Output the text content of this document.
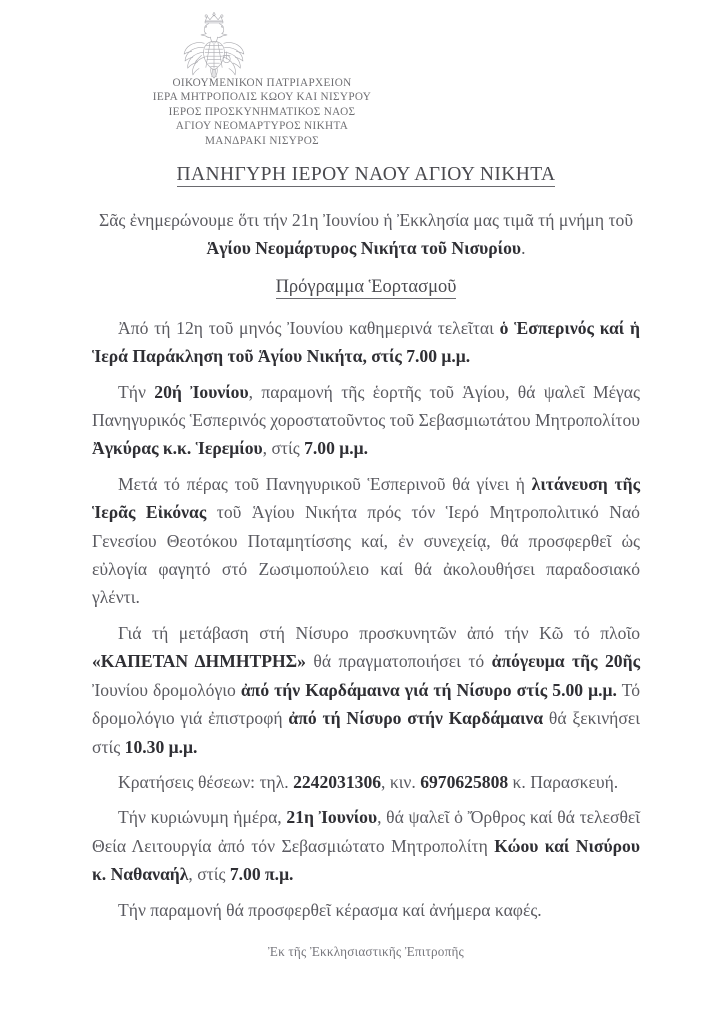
ΟΙΚΟΥΜΕΝΙΚΟΝ ΠΑΤΡΙΑΡΧΕΙΟΝ
ΙΕΡΑ ΜΗΤΡΟΠΟΛΙΣ ΚΩΟΥ ΚΑΙ ΝΙΣΥΡΟΥ
ΙΕΡΟΣ ΠΡΟΣΚΥΝΗΜΑΤΙΚΟΣ ΝΑΟΣ
ΑΓΙΟΥ ΝΕΟΜΑΡΤΥΡΟΣ ΝΙΚΗΤΑ
ΜΑΝΔΡΑΚΙ ΝΙΣΥΡΟΣ
ΠΑΝΗΓΥΡΗ ΙΕΡΟΥ ΝΑΟΥ ΑΓΙΟΥ ΝΙΚΗΤΑ

Σᾶς ἐνημερώνουμε ὅτι τήν 21η Ἰουνίου ἡ Ἐκκλησία μας τιμᾶ τή μνήμη τοῦ Ἁγίου Νεομάρτυρος Νικήτα τοῦ Νισυρίου.

Πρόγραμμα Ἑορτασμοῦ

Ἀπό τή 12η τοῦ μηνός Ἰουνίου καθημερινά τελεῖται ὁ Ἑσπερινός καί ἡ Ἱερά Παράκληση τοῦ Ἁγίου Νικήτα, στίς 7.00 μ.μ.

Τήν 20ή Ἰουνίου, παραμονή τῆς ἑορτῆς τοῦ Ἁγίου, θά ψαλεῖ Μέγας Πανηγυρικός Ἑσπερινός χοροστατοῦντος τοῦ Σεβασμιωτάτου Μητροπολίτου Ἀγκύρας κ.κ. Ἱερεμίου, στίς 7.00 μ.μ.

Μετά τό πέρας τοῦ Πανηγυρικοῦ Ἑσπερινοῦ θά γίνει ἡ λιτάνευση τῆς Ἱερᾶς Εἰκόνας τοῦ Ἁγίου Νικήτα πρός τόν Ἱερό Μητροπολιτικό Ναό Γενεσίου Θεοτόκου Ποταμητίσσης καί, ἐν συνεχείᾳ, θά προσφερθεῖ ὡς εὐλογία φαγητό στό Ζωσιμοπούλειο καί θά ἀκολουθήσει παραδοσιακό γλέντι.

Γιά τή μετάβαση στή Νίσυρο προσκυνητῶν ἀπό τήν Κῶ τό πλοῖο «ΚΑΠΕΤΑΝ ΔΗΜΗΤΡΗΣ» θά πραγματοποιήσει τό ἀπόγευμα τῆς 20ῆς Ἰουνίου δρομολόγιο ἀπό τήν Καρδάμαινα γιά τή Νίσυρο στίς 5.00 μ.μ. Τό δρομολόγιο γιά ἐπιστροφή ἀπό τή Νίσυρο στήν Καρδάμαινα θά ξεκινήσει στίς 10.30 μ.μ.

Κρατήσεις θέσεων: τηλ. 2242031306, κιν. 6970625808 κ. Παρασκευή.

Τήν κυριώνυμη ἡμέρα, 21η Ἰουνίου, θά ψαλεῖ ὁ Ὄρθρος καί θά τελεσθεῖ Θεία Λειτουργία ἀπό τόν Σεβασμιώτατο Μητροπολίτη Κώου καί Νισύρου κ. Ναθαναήλ, στίς 7.00 π.μ.

Τήν παραμονή θά προσφερθεῖ κέρασμα καί ἀνήμερα καφές.

Ἐκ τῆς Ἐκκλησιαστικῆς Ἐπιτροπῆς
